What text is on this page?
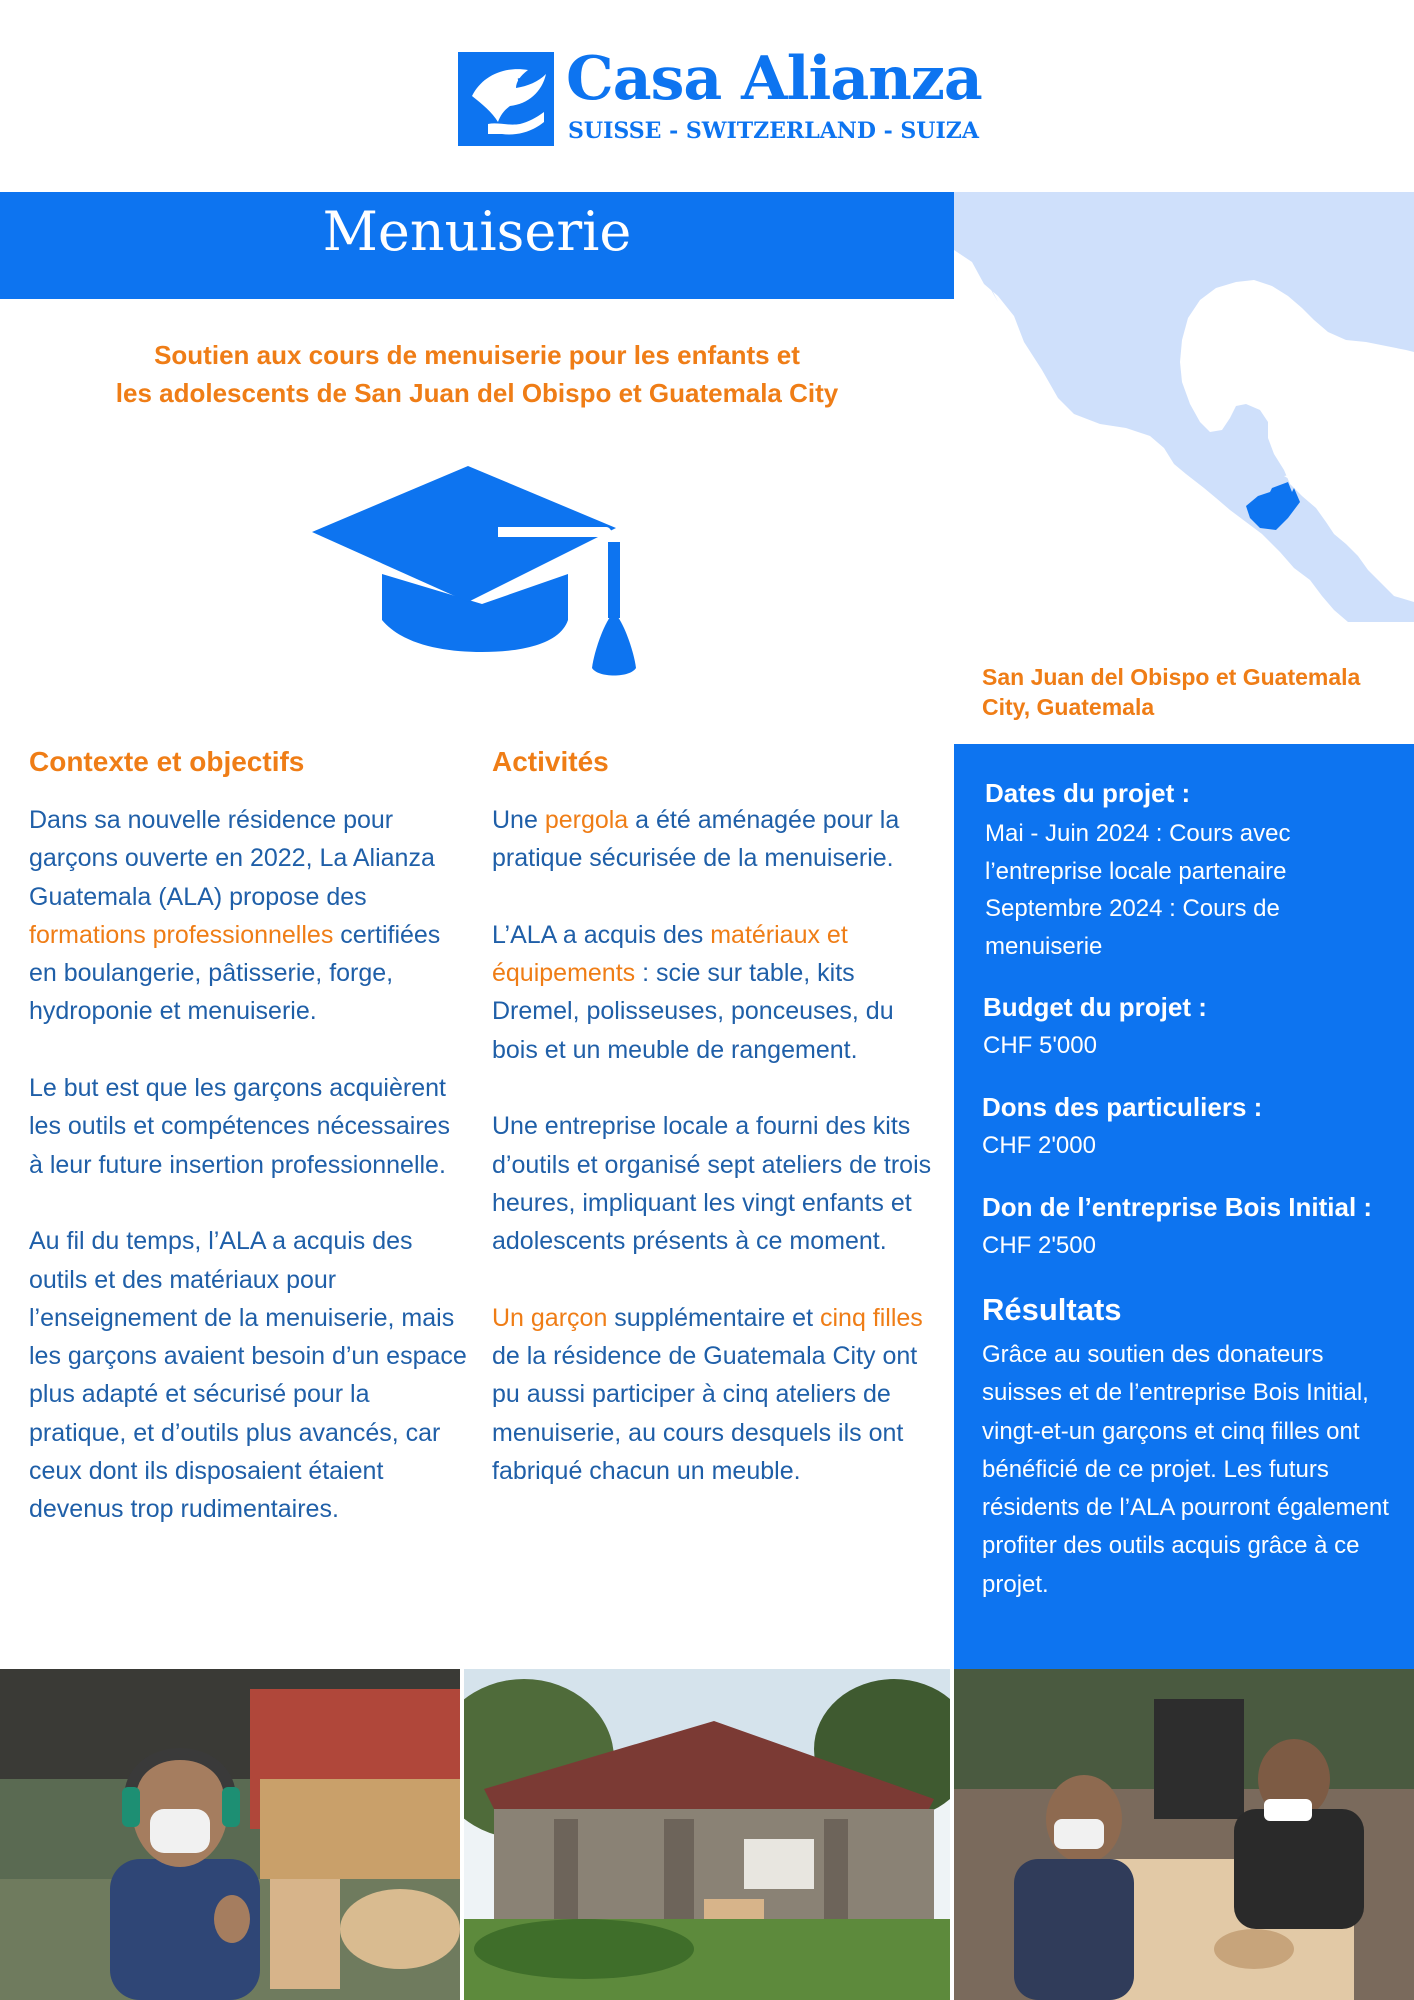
Casa Alianza
SUISSE - SWITZERLAND - SUIZA
Menuiserie
Soutien aux cours de menuiserie pour les enfants et
les adolescents de San Juan del Obispo et Guatemala City
San Juan del Obispo et Guatemala City, Guatemala
Contexte et objectifs

Dans sa nouvelle résidence pour garçons ouverte en 2022, La Alianza Guatemala (ALA) propose des formations professionnelles certifiées en boulangerie, pâtisserie, forge, hydroponie et menuiserie.

Le but est que les garçons acquièrent les outils et compétences nécessaires à leur future insertion professionnelle.

Au fil du temps, l’ALA a acquis des outils et des matériaux pour l’enseignement de la menuiserie, mais les garçons avaient besoin d’un espace plus adapté et sécurisé pour la pratique, et d’outils plus avancés, car ceux dont ils disposaient étaient devenus trop rudimentaires.

Activités

Une pergola a été aménagée pour la pratique sécurisée de la menuiserie.

L’ALA a acquis des matériaux et équipements : scie sur table, kits Dremel, polisseuses, ponceuses, du bois et un meuble de rangement.

Une entreprise locale a fourni des kits d’outils et organisé sept ateliers de trois heures, impliquant les vingt enfants et adolescents présents à ce moment.

Un garçon supplémentaire et cinq filles de la résidence de Guatemala City ont pu aussi participer à cinq ateliers de menuiserie, au cours desquels ils ont fabriqué chacun un meuble.

Dates du projet :
Mai - Juin 2024 : Cours avec l’entreprise locale partenaire
Septembre 2024 : Cours de menuiserie
Budget du projet :
CHF 5'000
Dons des particuliers :
CHF 2'000
Don de l’entreprise Bois Initial :
CHF 2'500
Résultats
Grâce au soutien des donateurs suisses et de l’entreprise Bois Initial, vingt-et-un garçons et cinq filles ont bénéficié de ce projet. Les futurs résidents de l’ALA pourront également profiter des outils acquis grâce à ce projet.
